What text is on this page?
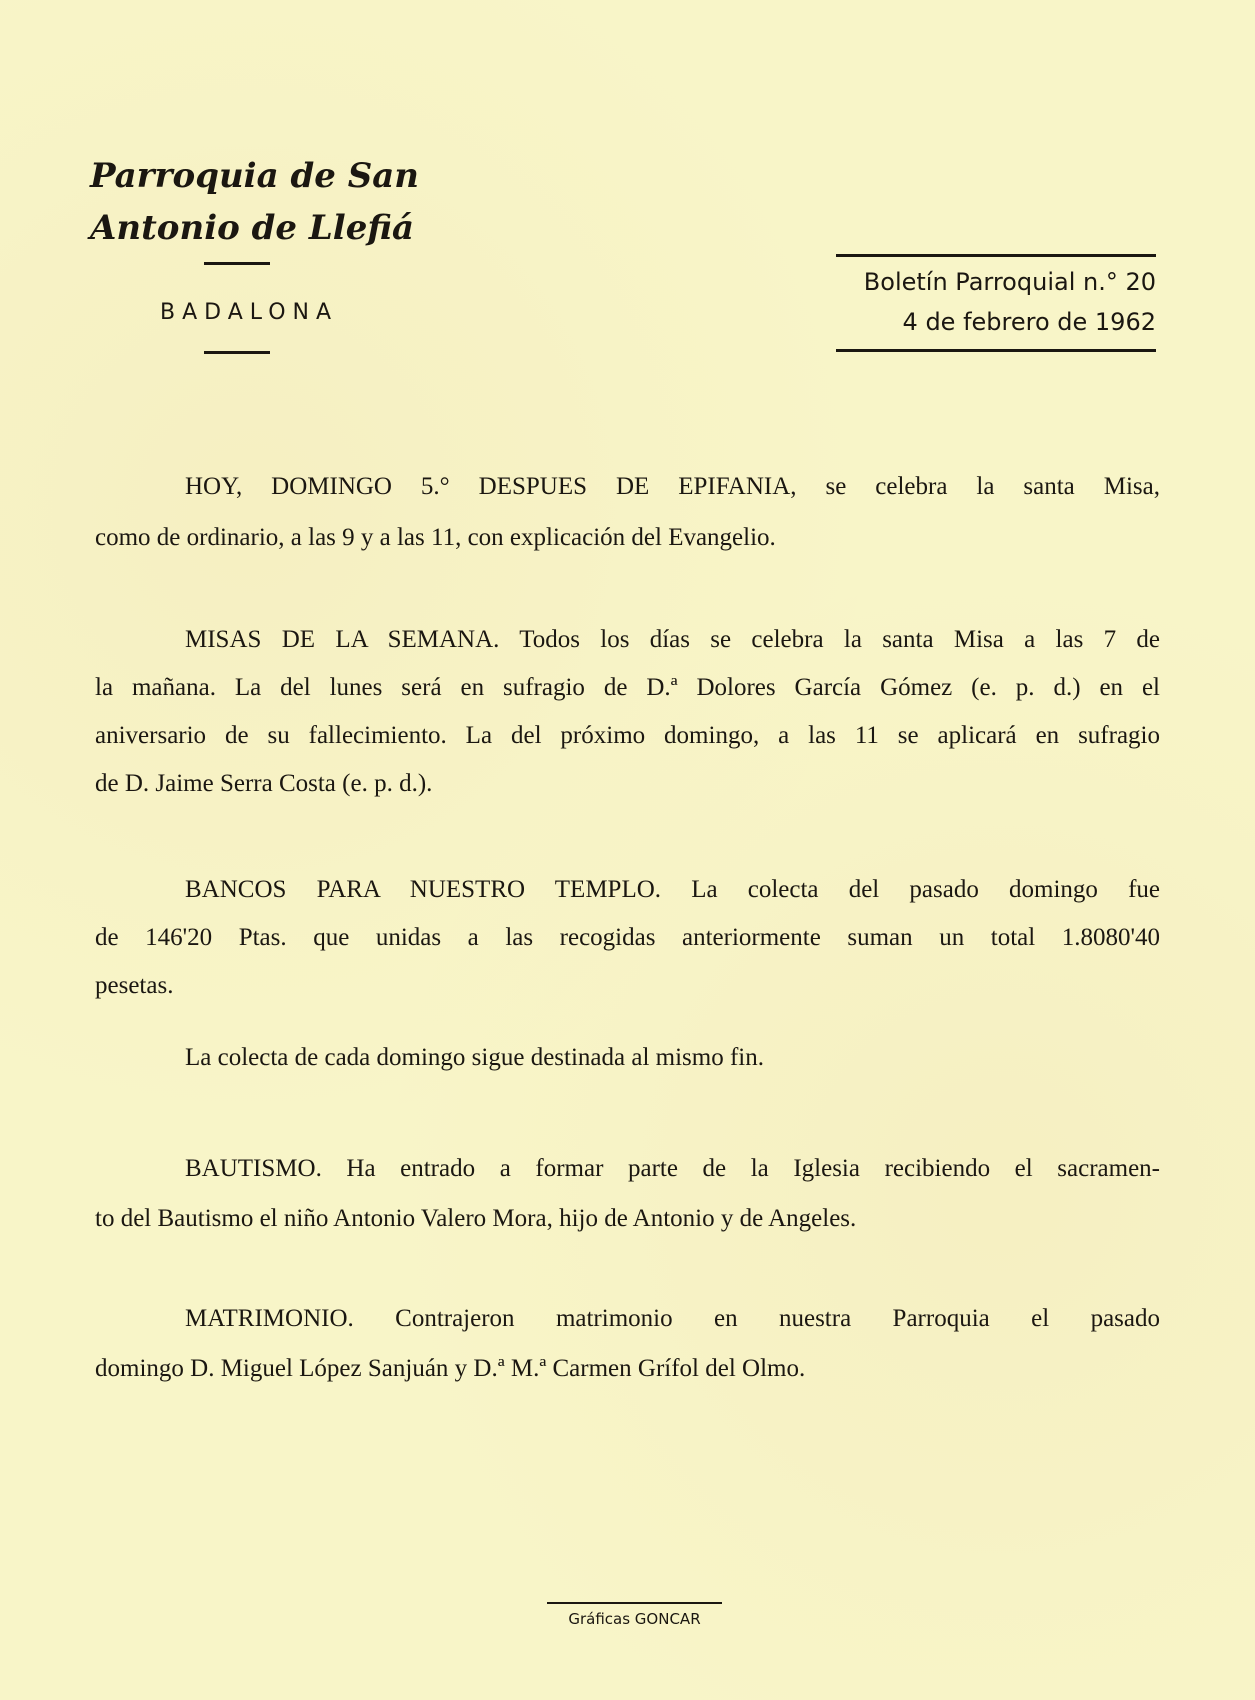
Parroquia de San

Antonio de Llefiá

BADALONA
Boletín Parroquial n.° 20
4 de febrero de 1962
HOY, DOMINGO 5.° DESPUES DE EPIFANIA, se celebra la santa Misa,
como de ordinario, a las 9 y a las 11, con explicación del Evangelio.
MISAS DE LA SEMANA. Todos los días se celebra la santa Misa a las 7 de
la mañana. La del lunes será en sufragio de D.ª Dolores García Gómez (e. p. d.) en el
aniversario de su fallecimiento. La del próximo domingo, a las 11 se aplicará en sufragio
de D. Jaime Serra Costa (e. p. d.).
BANCOS PARA NUESTRO TEMPLO. La colecta del pasado domingo fue
de 146'20 Ptas. que unidas a las recogidas anteriormente suman un total 1.8080'40
pesetas.
La colecta de cada domingo sigue destinada al mismo fin.
BAUTISMO. Ha entrado a formar parte de la Iglesia recibiendo el sacramen-
to del Bautismo el niño Antonio Valero Mora, hijo de Antonio y de Angeles.
MATRIMONIO. Contrajeron matrimonio en nuestra Parroquia el pasado
domingo D. Miguel López Sanjuán y D.ª M.ª Carmen Grífol del Olmo.
Gráficas GONCAR
